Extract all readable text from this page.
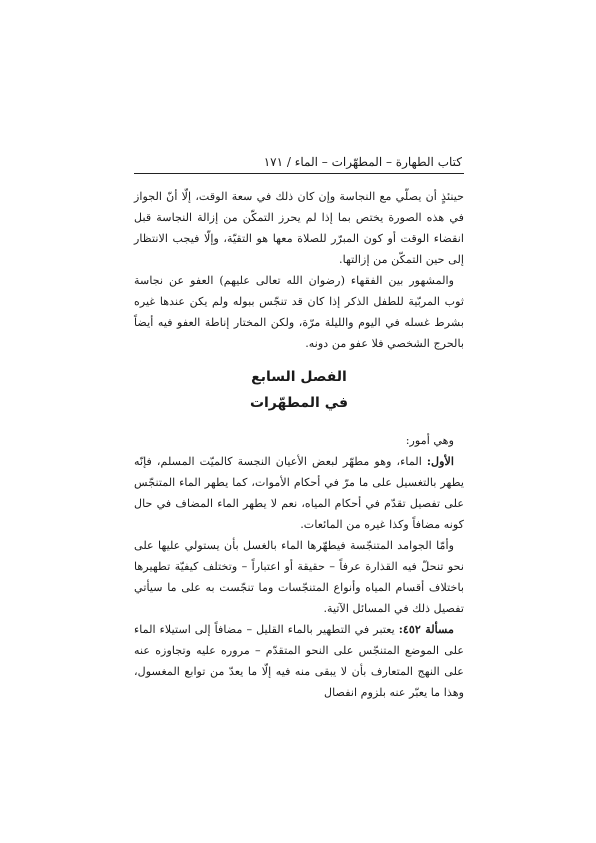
كتاب الطهارة – المطهّرات – الماء / ١٧١

حينئذٍ أن يصلّي مع النجاسة وإن كان ذلك في سعة الوقت، إلّا أنّ الجواز في هذه الصورة يختص بما إذا لم يحرز التمكّن من إزالة النجاسة قبل انقضاء الوقت أو كون المبرّر للصلاة معها هو التقيّة، وإلّا فيجب الانتظار إلى حين التمكّن من إزالتها.

والمشهور بين الفقهاء (رضوان الله تعالى عليهم) العفو عن نجاسة ثوب المربّية للطفل الذكر إذا كان قد تنجّس ببوله ولم يكن عندها غيره بشرط غسله في اليوم والليلة مرّة، ولكن المختار إناطة العفو فيه أيضاً بالحرج الشخصي فلا عفو من دونه.

الفصل السابع
في المطهّرات

وهي أمور:

الأول: الماء، وهو مطهّر لبعض الأعيان النجسة كالميّت المسلم، فإنّه يطهر بالتغسيل على ما مرّ في أحكام الأموات، كما يطهر الماء المتنجّس على تفصيل تقدّم في أحكام المياه، نعم لا يطهر الماء المضاف في حال كونه مضافاً وكذا غيره من المائعات.

وأمّا الجوامد المتنجّسة فيطهّرها الماء بالغسل بأن يستولي عليها على نحو تنحلّ فيه القذارة عرفاً – حقيقة أو اعتباراً – وتختلف كيفيّة تطهيرها باختلاف أقسام المياه وأنواع المتنجّسات وما تنجّست به على ما سيأتي تفصيل ذلك في المسائل الآتية.

مسألة ٤٥٢: يعتبر في التطهير بالماء القليل – مضافاً إلى استيلاء الماء على الموضع المتنجّس على النحو المتقدّم – مروره عليه وتجاوزه عنه على النهج المتعارف بأن لا يبقى منه فيه إلّا ما يعدّ من توابع المغسول، وهذا ما يعبّر عنه بلزوم انفصال
